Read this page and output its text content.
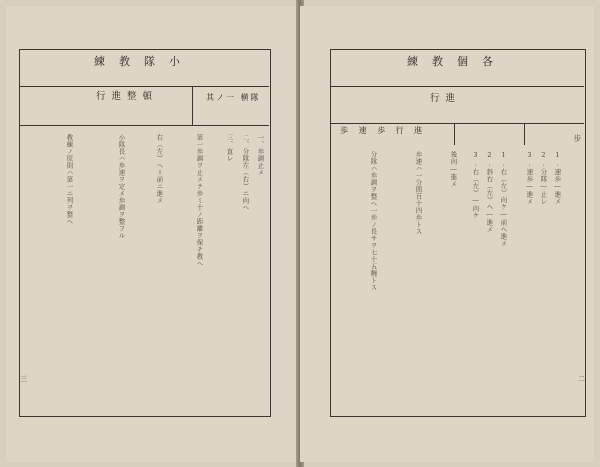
練教隊小
行進整頓	其ノ一 横隊
一、歩調止メ
二、分隊左（右）ニ向ヘ
三、直レ
第一歩調ヲ止メテ歩ミ十ノ距離ヲ保チ教ヘ
右（左）ヘ＝前ニ進メ
小隊長ハ歩速ヲ定メ歩調ヲ整フル
教練ノ原則ハ第一ニ列ヲ整ヘ
三
練教個各
行進
歩 速 歩 行 進
步
1.速歩―進メ
2.分隊―止レ
3.速歩―進メ
1.右（左）向ケ―前へ進メ
2.斜右（左）へ―進メ
3.右（左）―向ケ
後向―進メ
歩速ハ一分間百十四歩トス
分隊ハ歩調ヲ整ヘ一歩ノ長サヲ七十五糎トス
二
